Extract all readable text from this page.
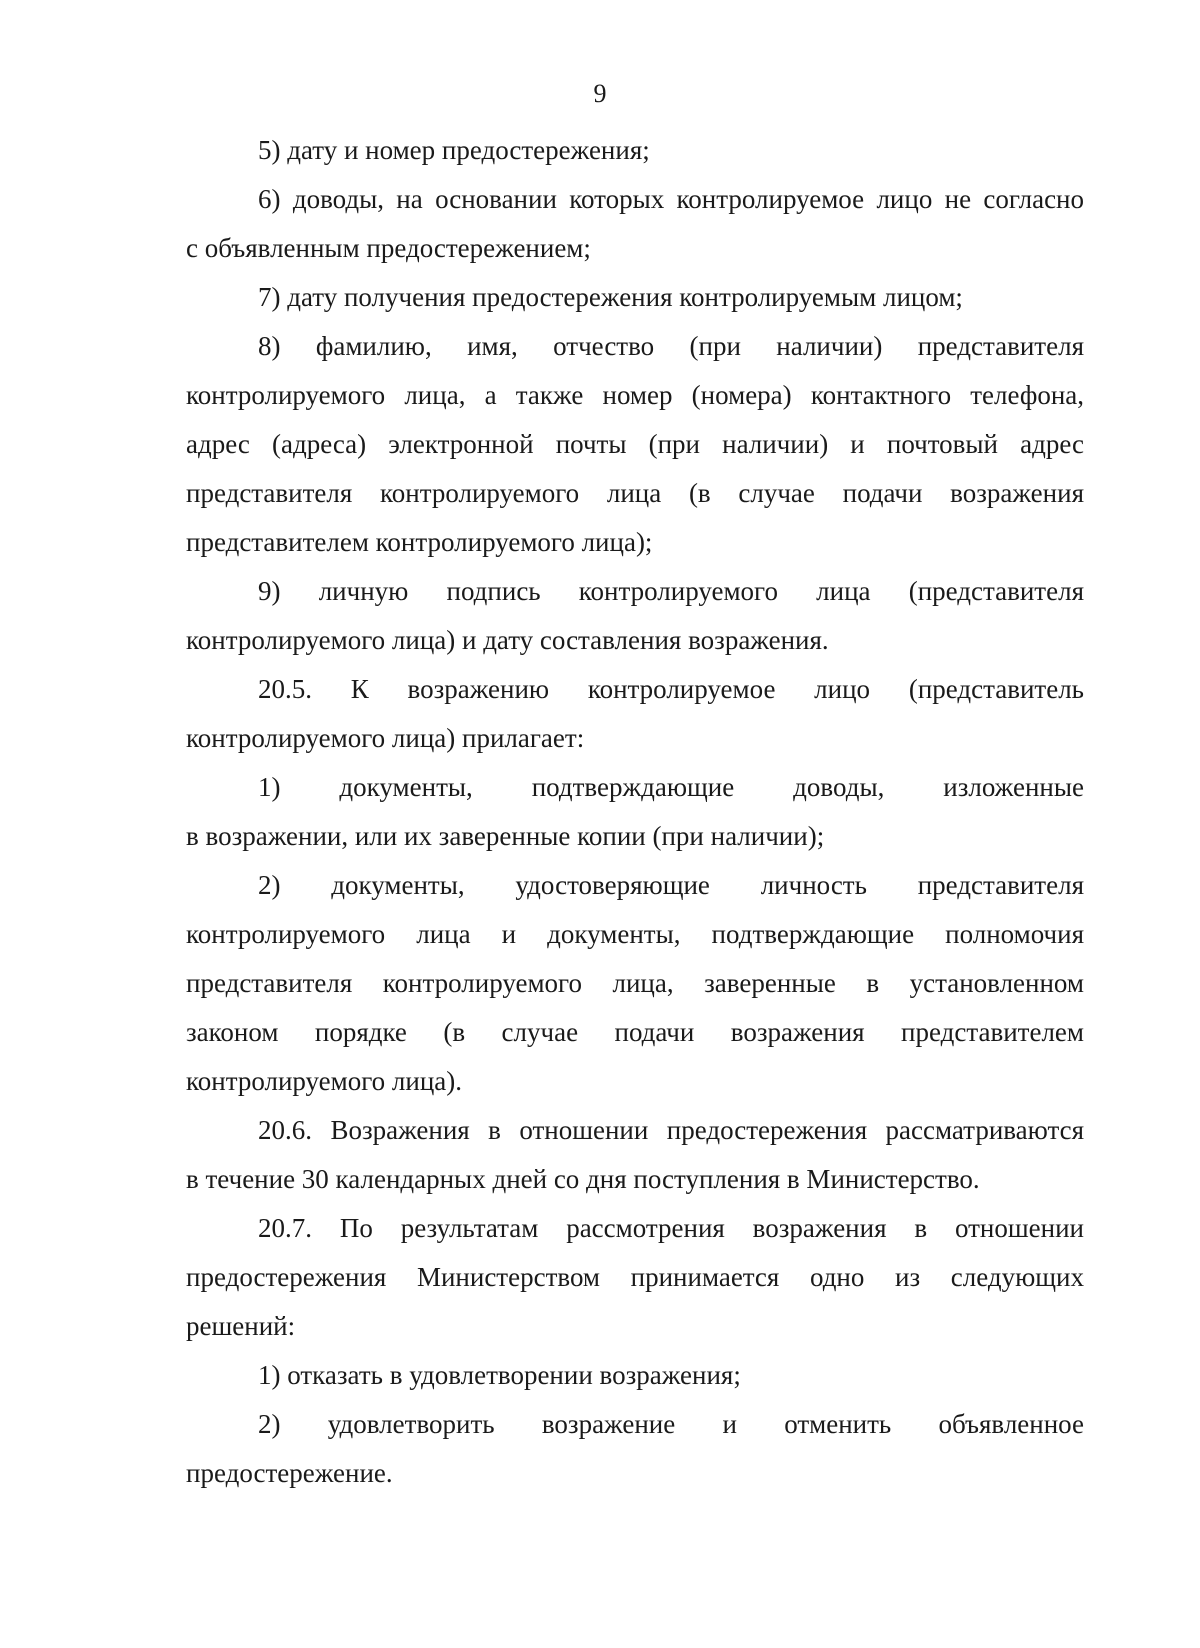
9
5) дату и номер предостережения;
6) доводы, на основании которых контролируемое лицо не согласно
с объявленным предостережением;
7) дату получения предостережения контролируемым лицом;
8) фамилию, имя, отчество (при наличии) представителя
контролируемого лица, а также номер (номера) контактного телефона,
адрес (адреса) электронной почты (при наличии) и почтовый адрес
представителя контролируемого лица (в случае подачи возражения
представителем контролируемого лица);
9) личную подпись контролируемого лица (представителя
контролируемого лица) и дату составления возражения.
20.5. К возражению контролируемое лицо (представитель
контролируемого лица) прилагает:
1) документы, подтверждающие доводы, изложенные
в возражении, или их заверенные копии (при наличии);
2) документы, удостоверяющие личность представителя
контролируемого лица и документы, подтверждающие полномочия
представителя контролируемого лица, заверенные в установленном
законом порядке (в случае подачи возражения представителем
контролируемого лица).
20.6. Возражения в отношении предостережения рассматриваются
в течение 30 календарных дней со дня поступления в Министерство.
20.7. По результатам рассмотрения возражения в отношении
предостережения Министерством принимается одно из следующих
решений:
1) отказать в удовлетворении возражения;
2) удовлетворить возражение и отменить объявленное
предостережение.
